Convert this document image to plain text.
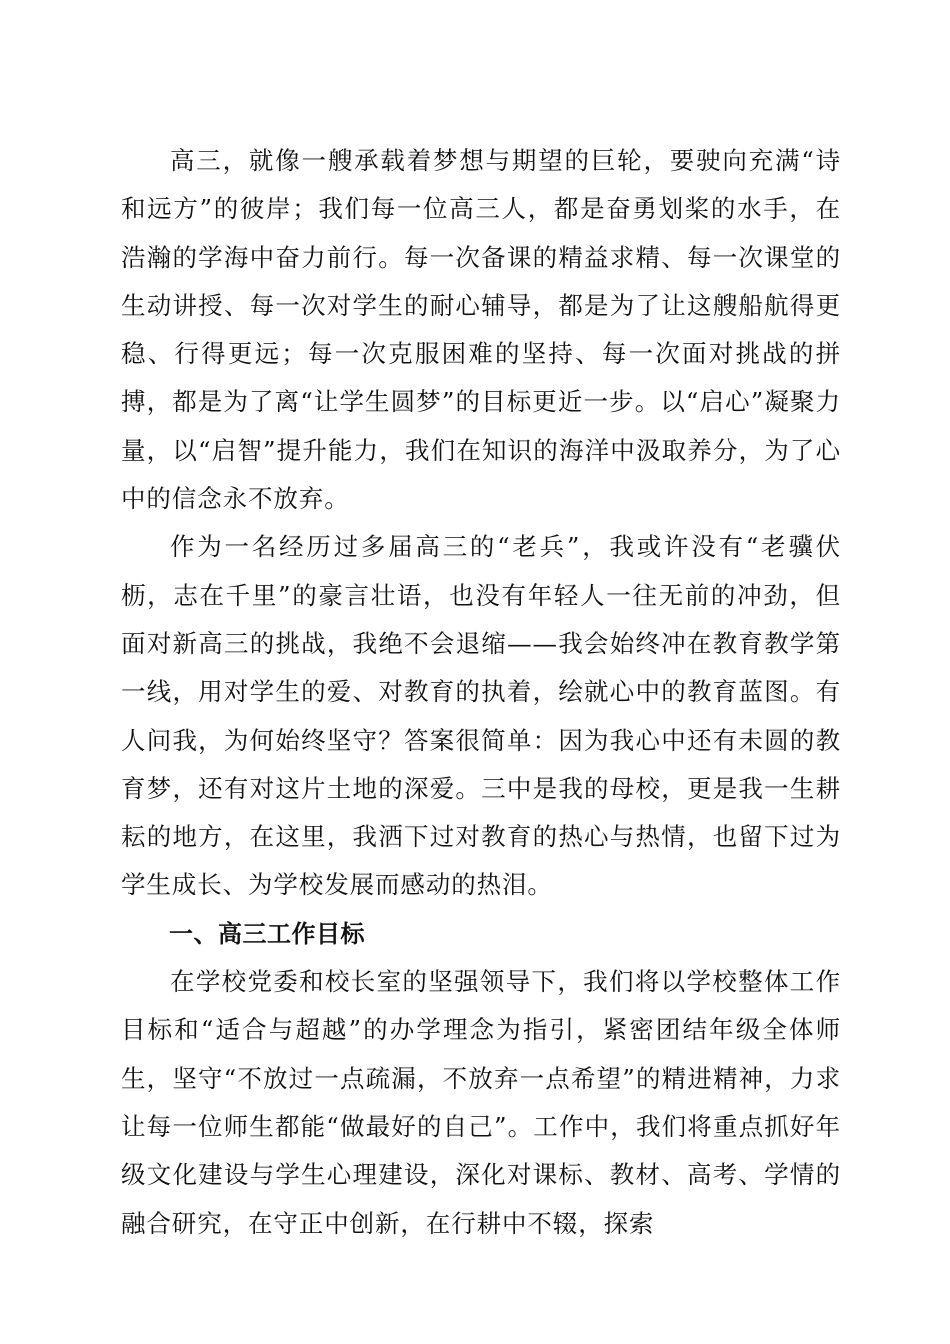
高三，就像一艘承载着梦想与期望的巨轮，要驶向充满“诗和远方”的彼岸；我们每一位高三人，都是奋勇划桨的水手，在浩瀚的学海中奋力前行。每一次备课的精益求精、每一次课堂的生动讲授、每一次对学生的耐心辅导，都是为了让这艘船航得更稳、行得更远；每一次克服困难的坚持、每一次面对挑战的拼搏，都是为了离“让学生圆梦”的目标更近一步。以“启心”凝聚力量，以“启智”提升能力，我们在知识的海洋中汲取养分，为了心中的信念永不放弃。

作为一名经历过多届高三的“老兵”，我或许没有“老骥伏枥，志在千里”的豪言壮语，也没有年轻人一往无前的冲劲，但面对新高三的挑战，我绝不会退缩——我会始终冲在教育教学第一线，用对学生的爱、对教育的执着，绘就心中的教育蓝图。有人问我，为何始终坚守？答案很简单：因为我心中还有未圆的教育梦，还有对这片土地的深爱。三中是我的母校，更是我一生耕耘的地方，在这里，我洒下过对教育的热心与热情，也留下过为学生成长、为学校发展而感动的热泪。

一、高三工作目标

在学校党委和校长室的坚强领导下，我们将以学校整体工作目标和“适合与超越”的办学理念为指引，紧密团结年级全体师生，坚守“不放过一点疏漏，不放弃一点希望”的精进精神，力求让每一位师生都能“做最好的自己”。工作中，我们将重点抓好年级文化建设与学生心理建设，深化对课标、教材、高考、学情的融合研究，在守正中创新，在行耕中不辍，探索
